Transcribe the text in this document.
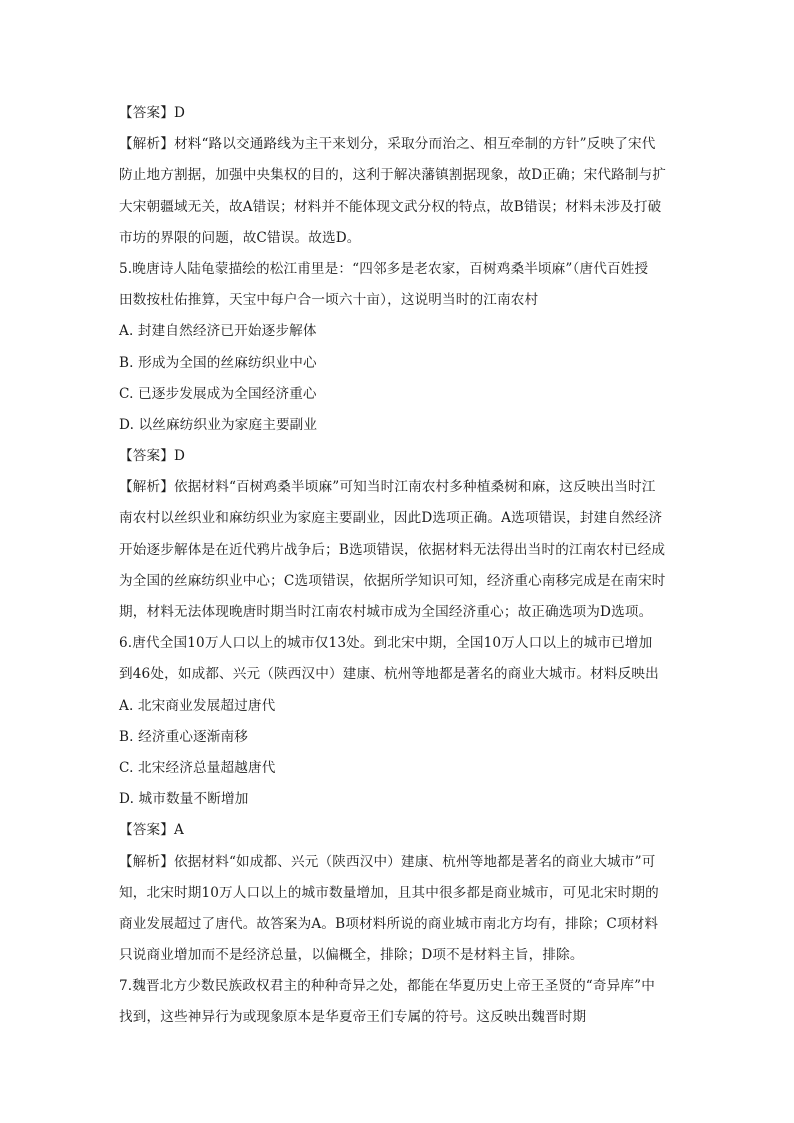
【答案】D
【解析】材料“路以交通路线为主干来划分，采取分而治之、相互牵制的方针”反映了宋代
防止地方割据，加强中央集权的目的，这利于解决藩镇割据现象，故D正确；宋代路制与扩
大宋朝疆域无关，故A错误；材料并不能体现文武分权的特点，故B错误；材料未涉及打破
市坊的界限的问题，故C错误。故选D。
5.晚唐诗人陆龟蒙描绘的松江甫里是：“四邻多是老农家，百树鸡桑半顷麻”（唐代百姓授
田数按杜佑推算，天宝中每户合一顷六十亩），这说明当时的江南农村
A. 封建自然经济已开始逐步解体
B. 形成为全国的丝麻纺织业中心
C. 已逐步发展成为全国经济重心
D. 以丝麻纺织业为家庭主要副业
【答案】D
【解析】依据材料“百树鸡桑半顷麻”可知当时江南农村多种植桑树和麻，这反映出当时江
南农村以丝织业和麻纺织业为家庭主要副业，因此D选项正确。A选项错误，封建自然经济
开始逐步解体是在近代鸦片战争后；B选项错误，依据材料无法得出当时的江南农村已经成
为全国的丝麻纺织业中心；C选项错误，依据所学知识可知，经济重心南移完成是在南宋时
期，材料无法体现晚唐时期当时江南农村城市成为全国经济重心；故正确选项为D选项。
6.唐代全国10万人口以上的城市仅13处。到北宋中期，全国10万人口以上的城市已增加
到46处，如成都、兴元（陕西汉中）建康、杭州等地都是著名的商业大城市。材料反映出
A. 北宋商业发展超过唐代
B. 经济重心逐渐南移
C. 北宋经济总量超越唐代
D. 城市数量不断增加
【答案】A
【解析】依据材料“如成都、兴元（陕西汉中）建康、杭州等地都是著名的商业大城市”可
知，北宋时期10万人口以上的城市数量增加，且其中很多都是商业城市，可见北宋时期的
商业发展超过了唐代。故答案为A。B项材料所说的商业城市南北方均有，排除；C项材料
只说商业增加而不是经济总量，以偏概全，排除；D项不是材料主旨，排除。
7.魏晋北方少数民族政权君主的种种奇异之处，都能在华夏历史上帝王圣贤的“奇异库”中
找到，这些神异行为或现象原本是华夏帝王们专属的符号。这反映出魏晋时期
